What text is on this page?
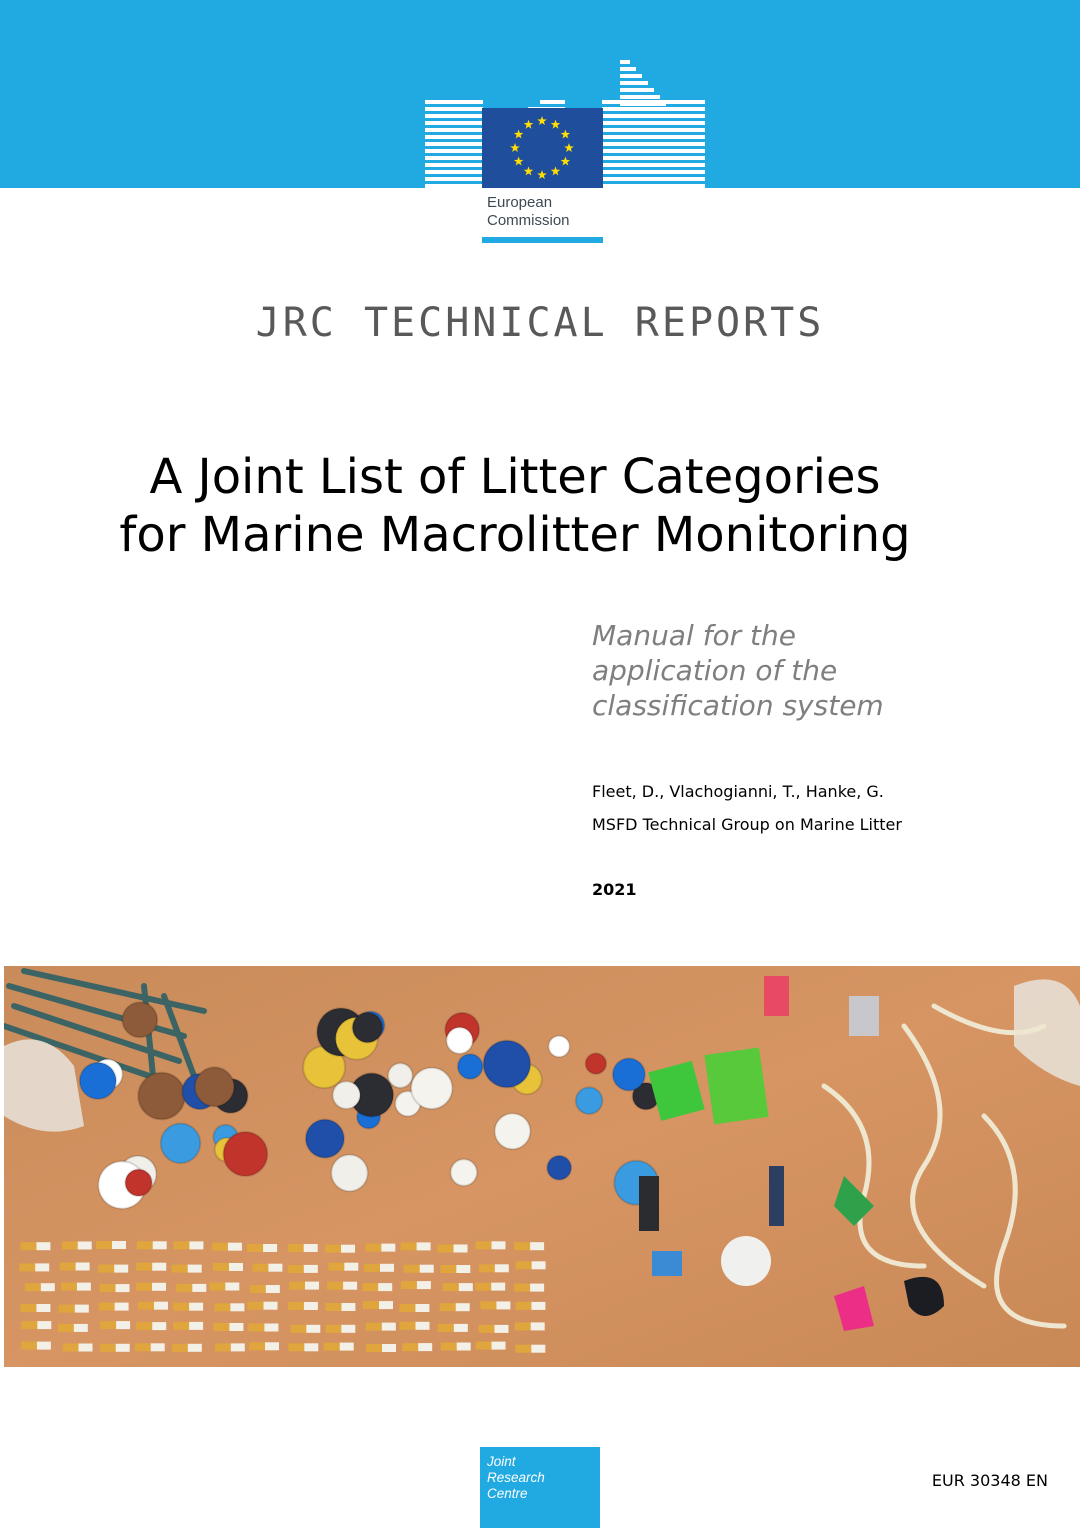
European
Commission
JRC TECHNICAL REPORTS
A Joint List of Litter Categories
for Marine Macrolitter Monitoring
Manual for the
application of the
classification system
Fleet, D., Vlachogianni, T., Hanke, G.
MSFD Technical Group on Marine Litter
2021
Joint
Research
Centre
EUR 30348 EN
